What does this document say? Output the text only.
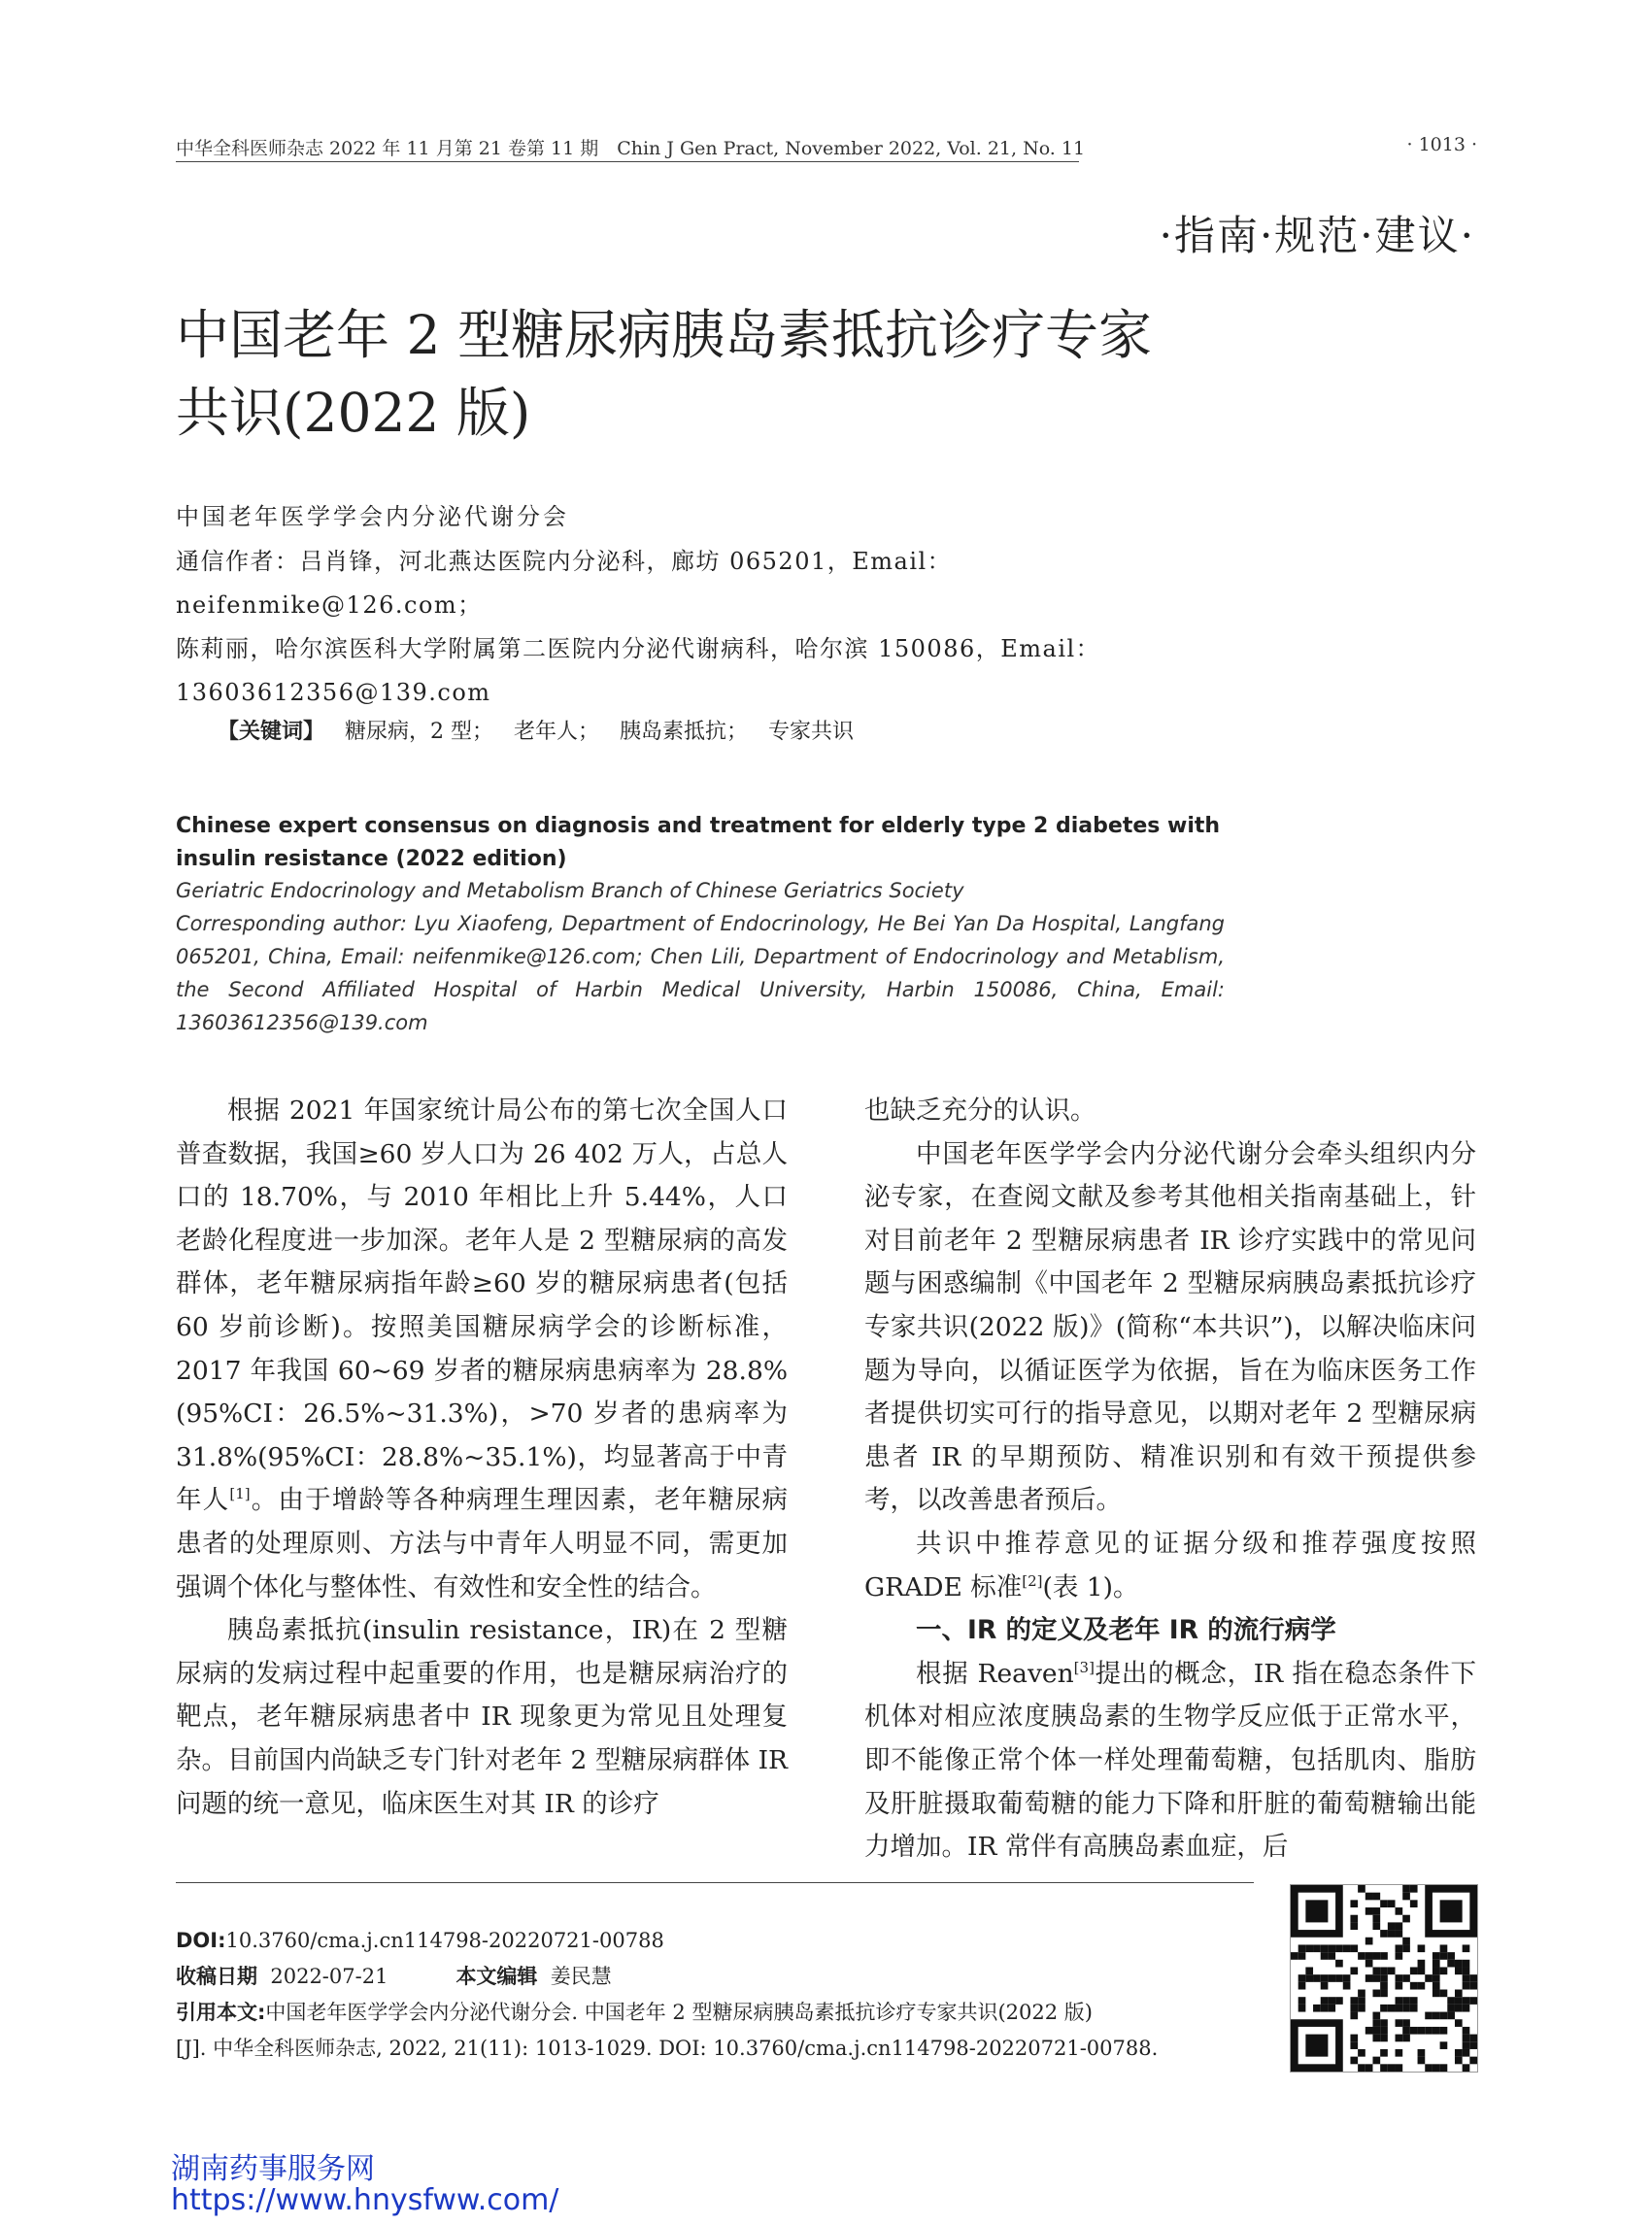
中华全科医师杂志 2022 年 11 月第 21 卷第 11 期　Chin J Gen Pract, November 2022, Vol. 21, No. 11	· 1013 ·
·指南·规范·建议·
中国老年 2 型糖尿病胰岛素抵抗诊疗专家
共识(2022 版)
中国老年医学学会内分泌代谢分会
通信作者：吕肖锋，河北燕达医院内分泌科，廊坊 065201，Email：neifenmike@126.com；
陈莉丽，哈尔滨医科大学附属第二医院内分泌代谢病科，哈尔滨 150086，Email：
13603612356@139.com
【关键词】 糖尿病，2 型； 老年人； 胰岛素抵抗； 专家共识
Chinese expert consensus on diagnosis and treatment for elderly type 2 diabetes with insulin resistance (2022 edition)
Geriatric Endocrinology and Metabolism Branch of Chinese Geriatrics Society
Corresponding author: Lyu Xiaofeng, Department of Endocrinology, He Bei Yan Da Hospital, Langfang 065201, China, Email: neifenmike@126.com; Chen Lili, Department of Endocrinology and Metablism, the Second Affiliated Hospital of Harbin Medical University, Harbin 150086, China, Email: 13603612356@139.com

根据 2021 年国家统计局公布的第七次全国人口普查数据，我国≥60 岁人口为 26 402 万人，占总人口的 18.70%，与 2010 年相比上升 5.44%，人口老龄化程度进一步加深。老年人是 2 型糖尿病的高发群体，老年糖尿病指年龄≥60 岁的糖尿病患者(包括 60 岁前诊断)。按照美国糖尿病学会的诊断标准，2017 年我国 60~69 岁者的糖尿病患病率为 28.8%(95%CI：26.5%~31.3%)，>70 岁者的患病率为 31.8%(95%CI：28.8%~35.1%)，均显著高于中青年人[1]。由于增龄等各种病理生理因素，老年糖尿病患者的处理原则、方法与中青年人明显不同，需更加强调个体化与整体性、有效性和安全性的结合。

胰岛素抵抗(insulin resistance，IR)在 2 型糖尿病的发病过程中起重要的作用，也是糖尿病治疗的靶点，老年糖尿病患者中 IR 现象更为常见且处理复杂。目前国内尚缺乏专门针对老年 2 型糖尿病群体 IR 问题的统一意见，临床医生对其 IR 的诊疗

也缺乏充分的认识。

中国老年医学学会内分泌代谢分会牵头组织内分泌专家，在查阅文献及参考其他相关指南基础上，针对目前老年 2 型糖尿病患者 IR 诊疗实践中的常见问题与困惑编制《中国老年 2 型糖尿病胰岛素抵抗诊疗专家共识(2022 版)》(简称“本共识”)，以解决临床问题为导向，以循证医学为依据，旨在为临床医务工作者提供切实可行的指导意见，以期对老年 2 型糖尿病患者 IR 的早期预防、精准识别和有效干预提供参考，以改善患者预后。

共识中推荐意见的证据分级和推荐强度按照 GRADE 标准[2](表 1)。

一、IR 的定义及老年 IR 的流行病学

根据 Reaven[3]提出的概念，IR 指在稳态条件下机体对相应浓度胰岛素的生物学反应低于正常水平，即不能像正常个体一样处理葡萄糖，包括肌肉、脂肪及肝脏摄取葡萄糖的能力下降和肝脏的葡萄糖输出能力增加。IR 常伴有高胰岛素血症，后

DOI:10.3760/cma.j.cn114798-20220721-00788
收稿日期 2022-07-21	本文编辑 姜民慧
引用本文:中国老年医学学会内分泌代谢分会. 中国老年 2 型糖尿病胰岛素抵抗诊疗专家共识(2022 版)
[J]. 中华全科医师杂志, 2022, 21(11): 1013-1029. DOI: 10.3760/cma.j.cn114798-20220721-00788.
湖南药事服务网
https://www.hnysfww.com/
